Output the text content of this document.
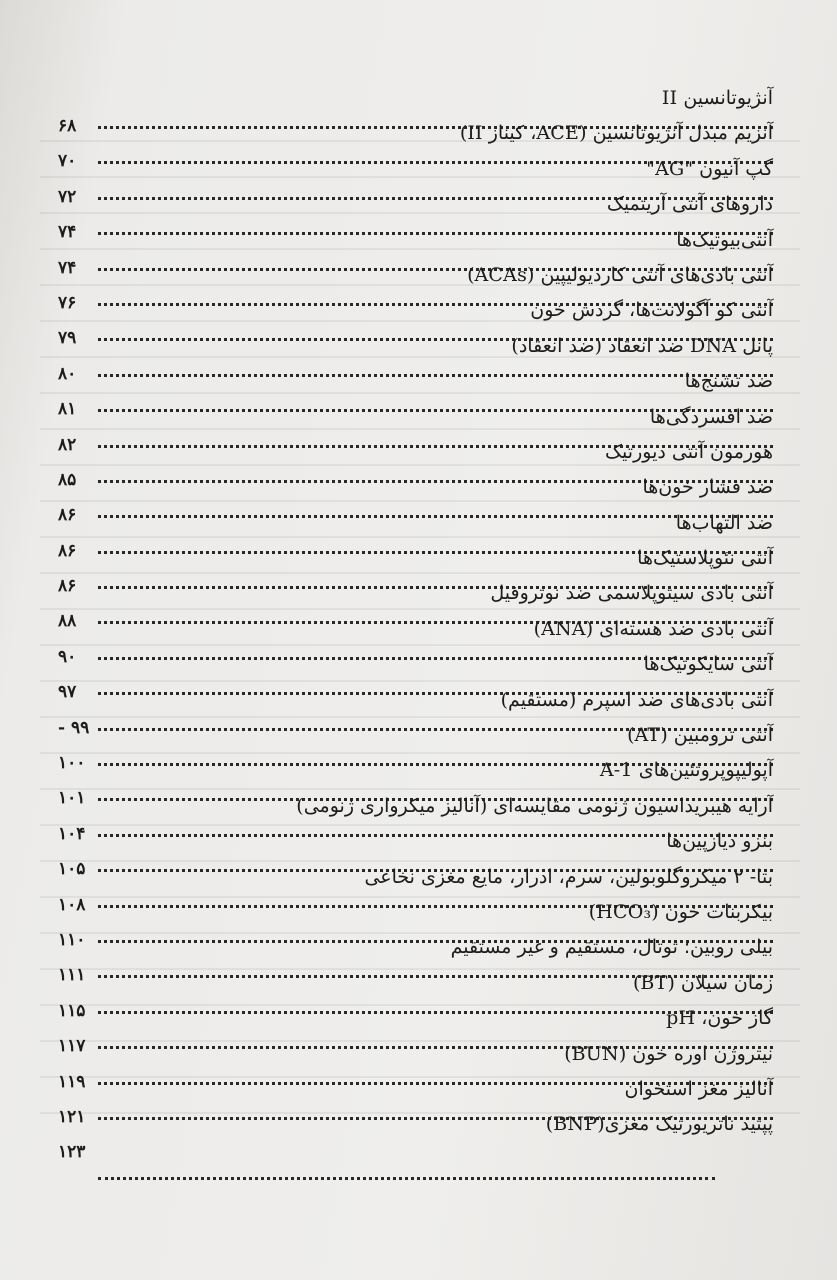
آنژیوتانسین II
۶۸	آنزیم مبدل آنژیوتانسین (ACE، کیناز II)
۷۰	گپ آنیون "AG"
۷۲	داروهای آنتی آریتمیک
۷۴	آنتی‌بیوتیک‌ها
۷۴	آنتی بادی‌های آنتی کاردیولیپین (ACAs)
۷۶	آنتی کو آگولانت‌ها، گردش خون
۷۹	پانل DNA ضد انعقاد (ضد انعقاد)
۸۰	ضد تشنج‌ها
۸۱	ضد افسردگی‌ها
۸۲	هورمون آنتی دیورتیک
۸۵	ضد فشار خون‌ها
۸۶	ضد التهاب‌ها
۸۶	آنتی نئوپلاستیک‌ها
۸۶	آنتی بادی سیتوپلاسمی ضد نوتروفیل
۸۸	آنتی بادی ضد هسته‌ای (ANA)
۹۰	آنتی سایکوتیک‌ها
۹۷	آنتی بادی‌های ضد اسپرم (مستقیم)
۹۹ -	آنتی ترومبین (AT)
۱۰۰	آپولیپوپروتئین‌های A-1
۱۰۱	آرایه هیبریداسیون ژنومی مقایسه‌ای (آنالیز میکرواری ژنومی)
۱۰۴	بنزو دیازپین‌ها
۱۰۵	بتا- ۲ میکروگلوبولین، سرم، ادرار، مایع مغزی نخاعی
۱۰۸	بیکربنات خون (HCO₃)
۱۱۰	بیلی روبین؛ توتال، مستقیم و غیر مستقیم
۱۱۱	زمان سیلان (BT)
۱۱۵	گاز خون، pH
۱۱۷	نیتروژن اوره خون (BUN)
۱۱۹	آنالیز مغز استخوان
۱۲۱	پپتید ناتریورتیک مغزی(BNP)
۱۲۳
